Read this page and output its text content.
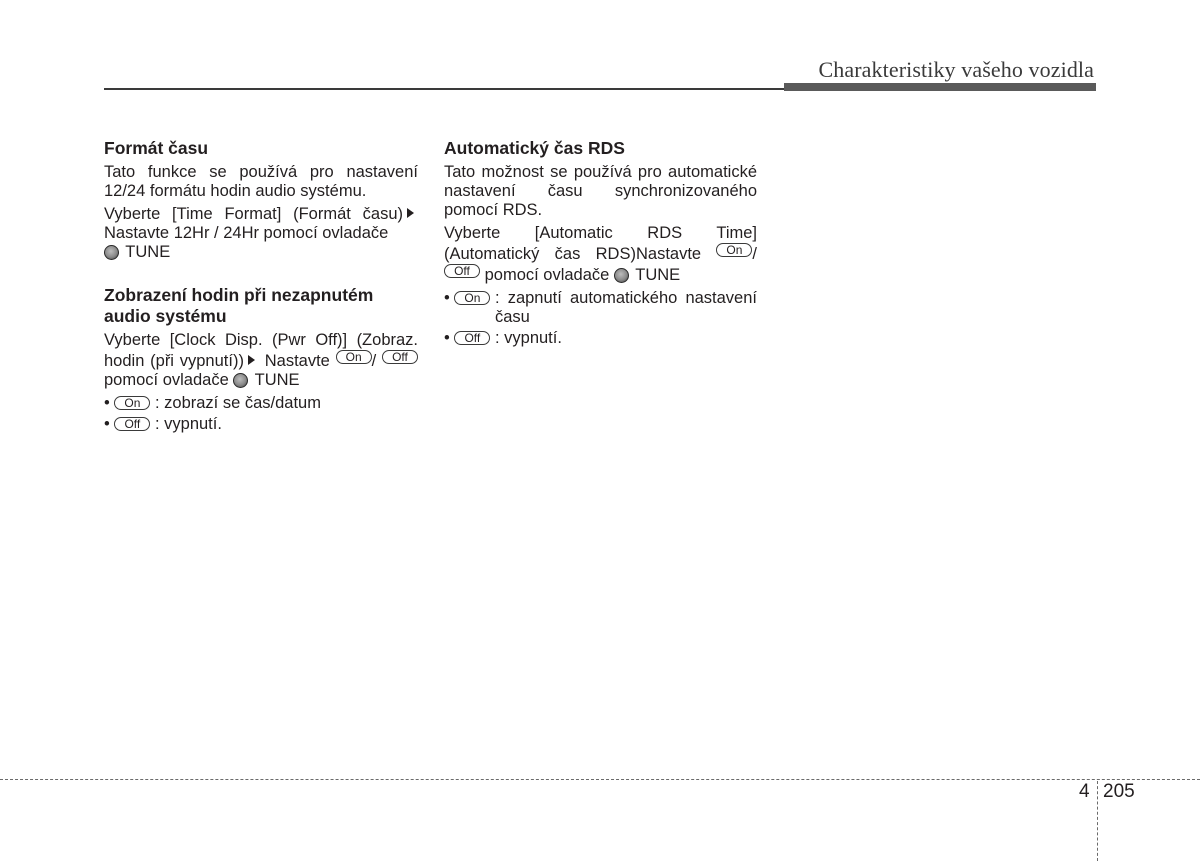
Charakteristiky vašeho vozidla
Formát času

Tato funkce se používá pro nastavení 12/24 formátu hodin audio systému.

Vyberte [Time Format] (Formát času) Nastavte 12Hr / 24Hr pomocí ovladače
TUNE

Zobrazení hodin při nezapnutém audio systému

Vyberte [Clock Disp. (Pwr Off)] (Zobraz. hodin (při vypnutí)) Nastavte On / Off pomocí ovladače TUNE

• On : zobrazí se čas/datum
• Off : vypnutí.
Automatický čas RDS

Tato možnost se používá pro automatické nastavení času synchronizovaného pomocí RDS.

Vyberte [Automatic RDS Time] (Automatický čas RDS)Nastavte On / Off pomocí ovladače TUNE

• On : zapnutí automatického nastavení času
• Off : vypnutí.
4 205
